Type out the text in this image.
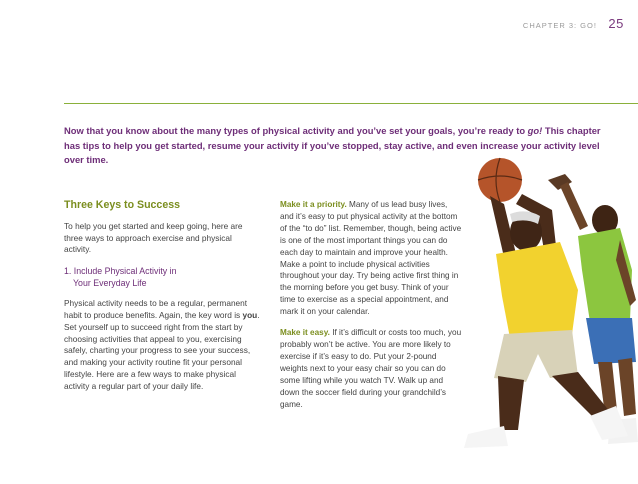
CHAPTER 3: GO! 25
Now that you know about the many types of physical activity and you’ve set your goals, you’re ready to go! This chapter has tips to help you get started, resume your activity if you’ve stopped, stay active, and even increase your activity level over time.
Three Keys to Success

To help you get started and keep going, here are three ways to approach exercise and physical activity.

1. Include Physical Activity in
Your Everyday Life

Physical activity needs to be a regular, permanent habit to produce benefits. Again, the key word is you. Set yourself up to succeed right from the start by choosing activities that appeal to you, exercising safely, charting your progress to see your success, and making your activity routine fit your personal lifestyle. Here are a few ways to make physical activity a regular part of your daily life.

Make it a priority. Many of us lead busy lives, and it’s easy to put physical activity at the bottom of the “to do” list. Remember, though, being active is one of the most important things you can do each day to maintain and improve your health. Make a point to include physical activities throughout your day. Try being active first thing in the morning before you get busy. Think of your time to exercise as a special appointment, and mark it on your calendar.

Make it easy. If it’s difficult or costs too much, you probably won’t be active. You are more likely to exercise if it’s easy to do. Put your 2-pound weights next to your easy chair so you can do some lifting while you watch TV. Walk up and down the soccer field during your grandchild’s game.
